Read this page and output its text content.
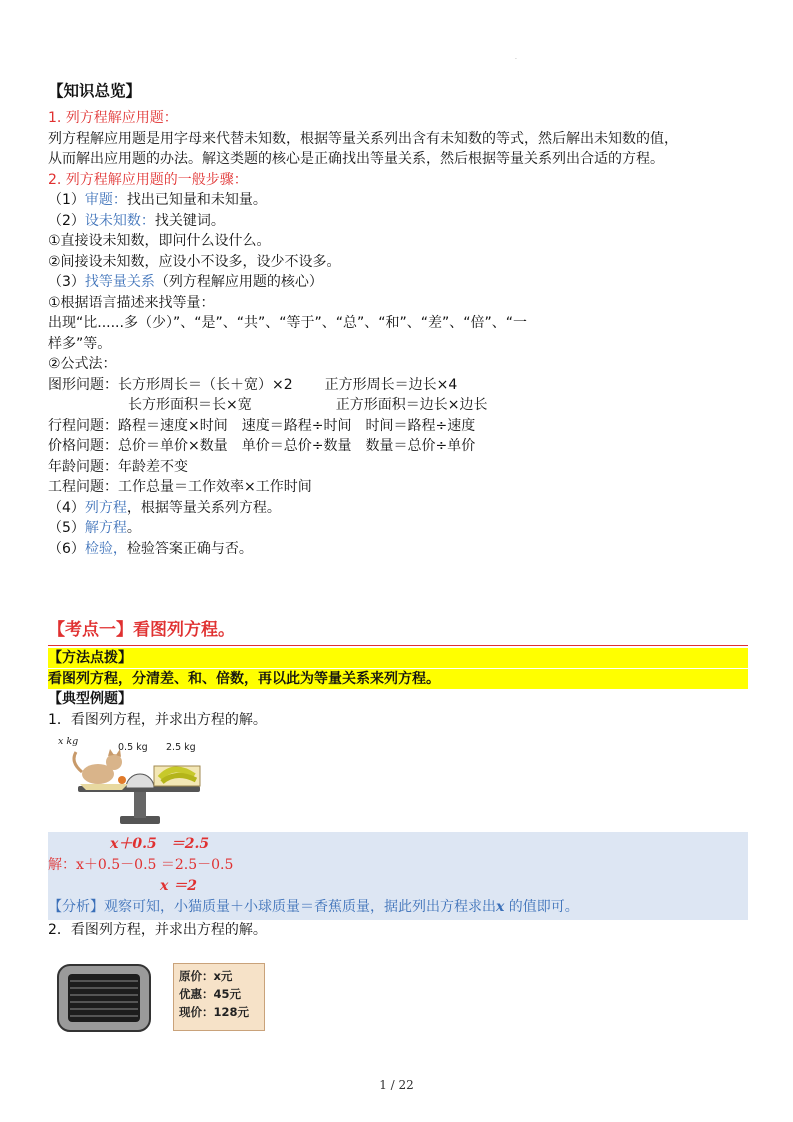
·
【知识总览】
1. 列方程解应用题：
列方程解应用题是用字母来代替未知数，根据等量关系列出含有未知数的等式，然后解出未知数的值，
从而解出应用题的办法。解这类题的核心是正确找出等量关系，然后根据等量关系列出合适的方程。
2. 列方程解应用题的一般步骤：
（1）审题：找出已知量和未知量。
（2）设未知数：找关键词。
①直接设未知数，即问什么设什么。
②间接设未知数，应设小不设多，设少不设多。
（3）找等量关系（列方程解应用题的核心）
①根据语言描述来找等量：
出现“比......多（少）”、“是”、“共”、“等于”、“总”、“和”、“差”、“倍”、“一
样多”等。
②公式法：
图形问题：长方形周长＝（长＋宽）×2 正方形周长＝边长×4
长方形面积＝长×宽	正方形面积＝边长×边长
行程问题：路程＝速度×时间 速度＝路程÷时间 时间＝路程÷速度
价格问题：总价＝单价×数量 单价＝总价÷数量 数量＝总价÷单价
年龄问题：年龄差不变
工程问题：工作总量＝工作效率×工作时间
（4）列方程，根据等量关系列方程。
（5）解方程。
（6）检验，检验答案正确与否。
【考点一】看图列方程。
【方法点拨】
看图列方程，分清差、和、倍数，再以此为等量关系来列方程。
【典型例题】
1．看图列方程，并求出方程的解。
x kg
0.5 kg 2.5 kg
x＋0.5　＝2.5
解：x＋0.5－0.5 ＝2.5－0.5
x ＝2
【分析】观察可知，小猫质量＋小球质量＝香蕉质量，据此列出方程求出x 的值即可。
2．看图列方程，并求出方程的解。
原价：x元
优惠：45元
现价：128元
1 / 22
